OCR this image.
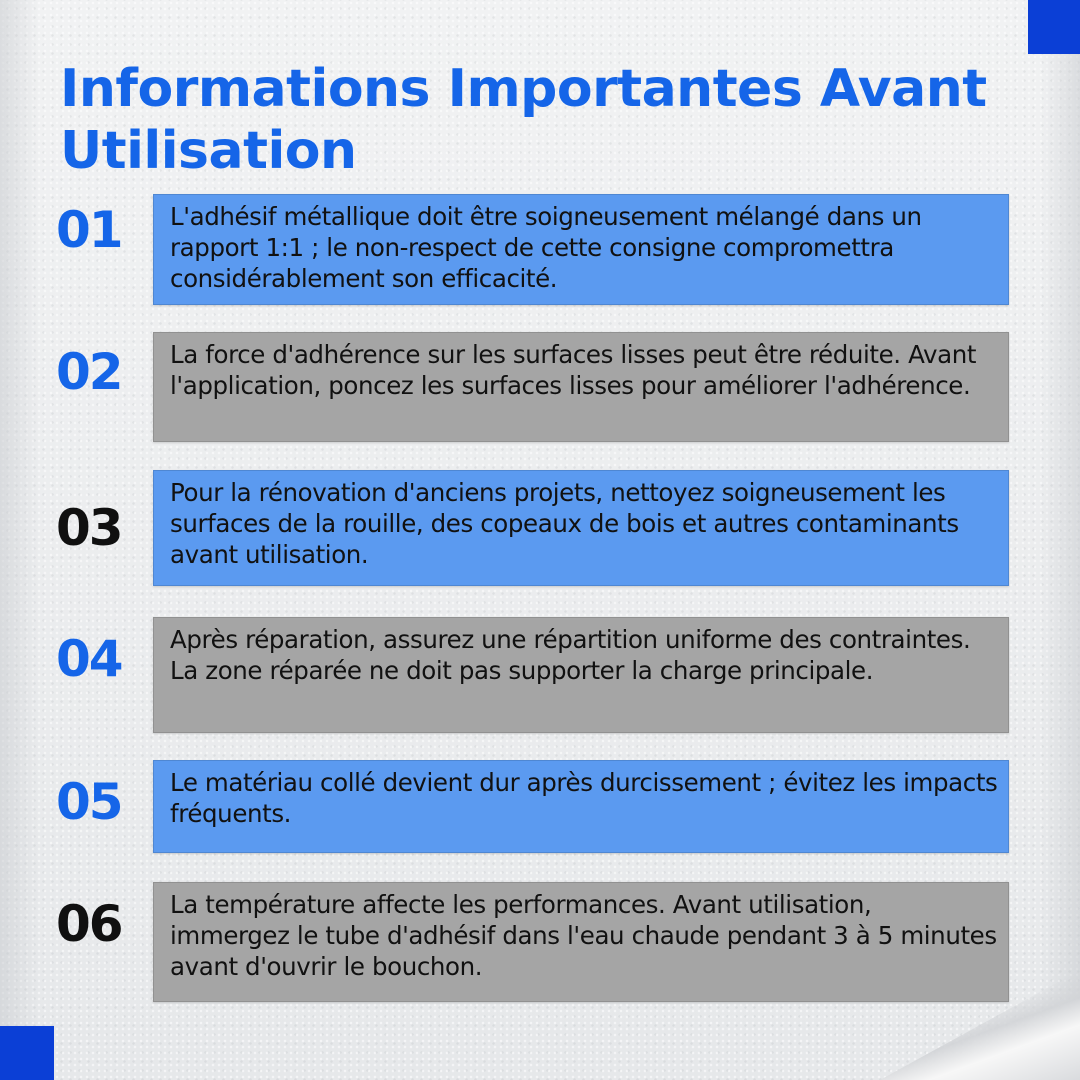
Informations Importantes Avant Utilisation
01	L'adhésif métallique doit être soigneusement mélangé dans un rapport 1:1 ; le non-respect de cette consigne compromettra considérablement son efficacité.
02	La force d'adhérence sur les surfaces lisses peut être réduite. Avant l'application, poncez les surfaces lisses pour améliorer l'adhérence.
03
Pour la rénovation d'anciens projets, nettoyez soigneusement les surfaces de la rouille, des copeaux de bois et autres contaminants avant utilisation.
04	Après réparation, assurez une répartition uniforme des contraintes. La zone réparée ne doit pas supporter la charge principale.
05	Le matériau collé devient dur après durcissement ; évitez les impacts fréquents.
06	La température affecte les performances. Avant utilisation, immergez le tube d'adhésif dans l'eau chaude pendant 3 à 5 minutes avant d'ouvrir le bouchon.
